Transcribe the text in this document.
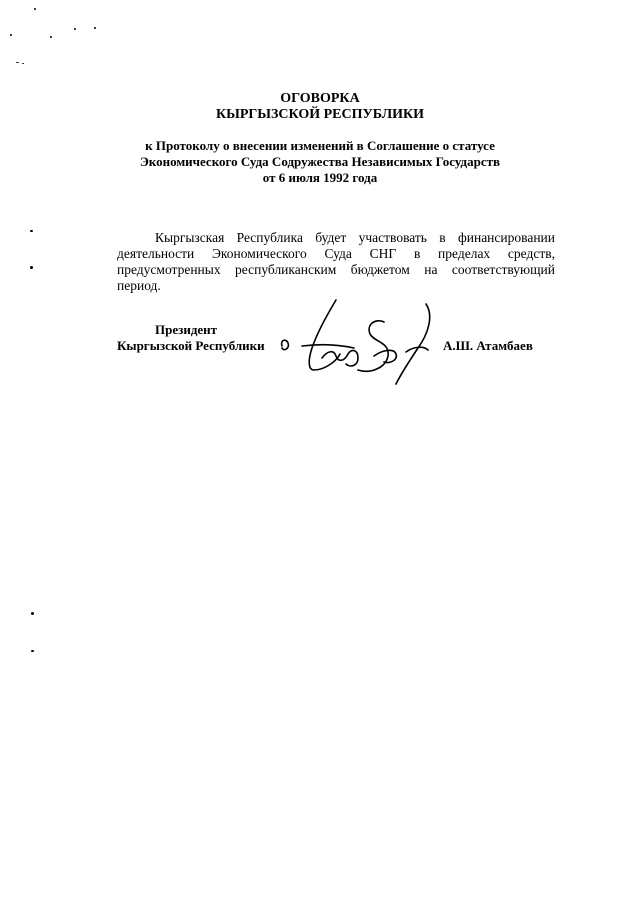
ОГОВОРКА
КЫРГЫЗСКОЙ РЕСПУБЛИКИ
к Протоколу о внесении изменений в Соглашение о статусе
Экономического Суда Содружества Независимых Государств
от 6 июля 1992 года
Кыргызская Республика будет участвовать в финансировании
деятельности Экономического Суда СНГ в пределах средств,
предусмотренных республиканским бюджетом на соответствующий
период.
Президент
Кыргызской Республики	А.Ш. Атамбаев
